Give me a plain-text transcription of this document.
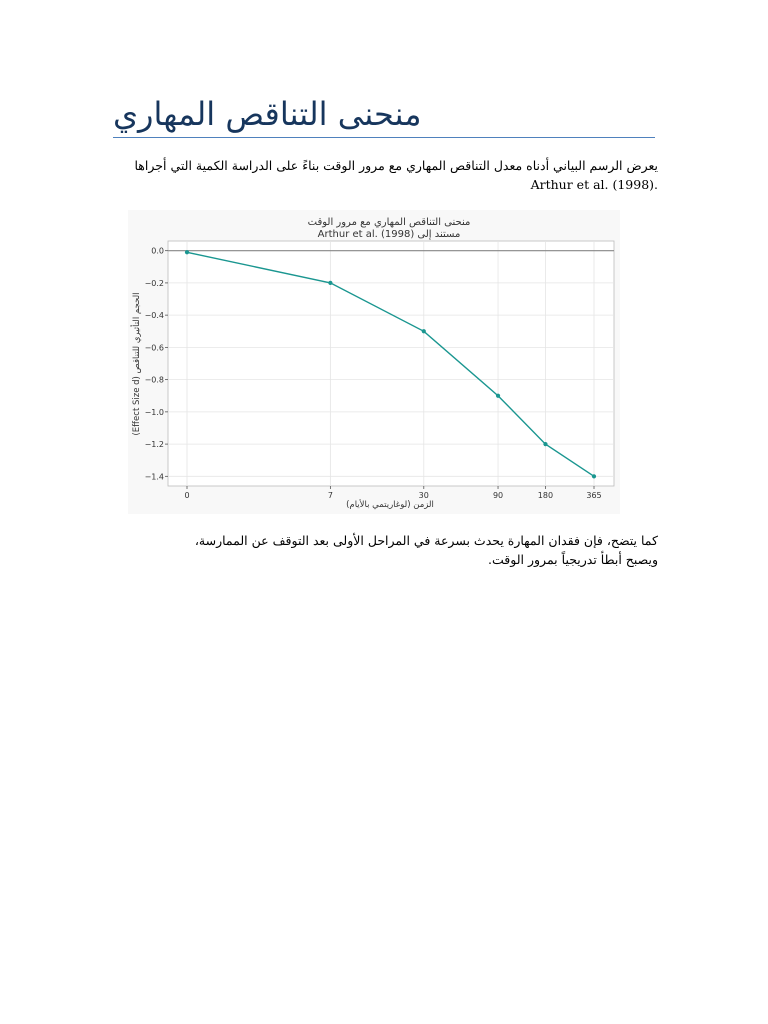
منحنى التناقص المهاري
يعرض الرسم البياني أدناه معدل التناقص المهاري مع مرور الوقت بناءً على الدراسة الكمية التي أجراها Arthur et al. (1998).
منحنى التناقص المهاري مع مرور الوقت
مستند إلى Arthur et al. (1998)
0.0
−0.2
−0.4
−0.6
−0.8
−1.0
−1.2
−1.4
0	7	30	90	180	365
الزمن (لوغاريتمي بالأيام)
الحجم التأثيري للتناقص (Effect Size d)
كما يتضح، فإن فقدان المهارة يحدث بسرعة في المراحل الأولى بعد التوقف عن الممارسة،
ويصبح أبطأ تدريجياً بمرور الوقت.
